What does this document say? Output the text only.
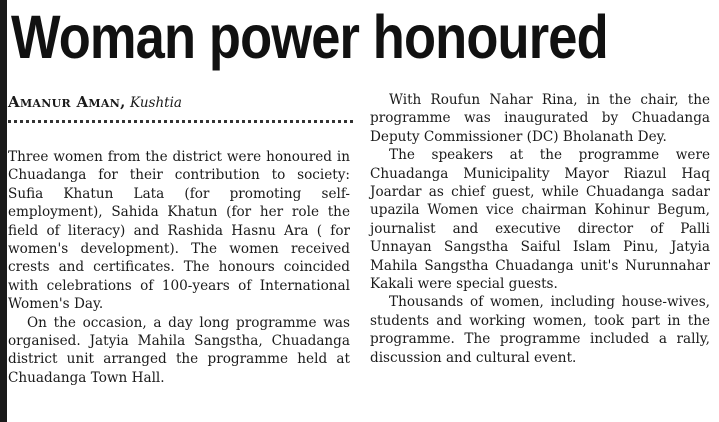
Woman power honoured
Amanur Aman, Kushtia

Three women from the district were honoured in Chuadanga for their contribution to society: Sufia Khatun Lata (for promoting self-employment), Sahida Khatun (for her role the field of literacy) and Rashida Hasnu Ara ( for women's development). The women received crests and certificates. The honours coincided with celebrations of 100-years of International Women's Day.

On the occasion, a day long programme was organised. Jatyia Mahila Sangstha, Chuadanga district unit arranged the programme held at Chuadanga Town Hall.

With Roufun Nahar Rina, in the chair, the programme was inaugurated by Chuadanga Deputy Commissioner (DC) Bholanath Dey.

The speakers at the programme were Chuadanga Municipality Mayor Riazul Haq Joardar as chief guest, while Chuadanga sadar upazila Women vice chairman Kohinur Begum, journalist and executive director of Palli Unnayan Sangstha Saiful Islam Pinu, Jatyia Mahila Sangstha Chuadanga unit's Nurunnahar Kakali were special guests.

Thousands of women, including house-wives, students and working women, took part in the programme. The programme included a rally, discussion and cultural event.
